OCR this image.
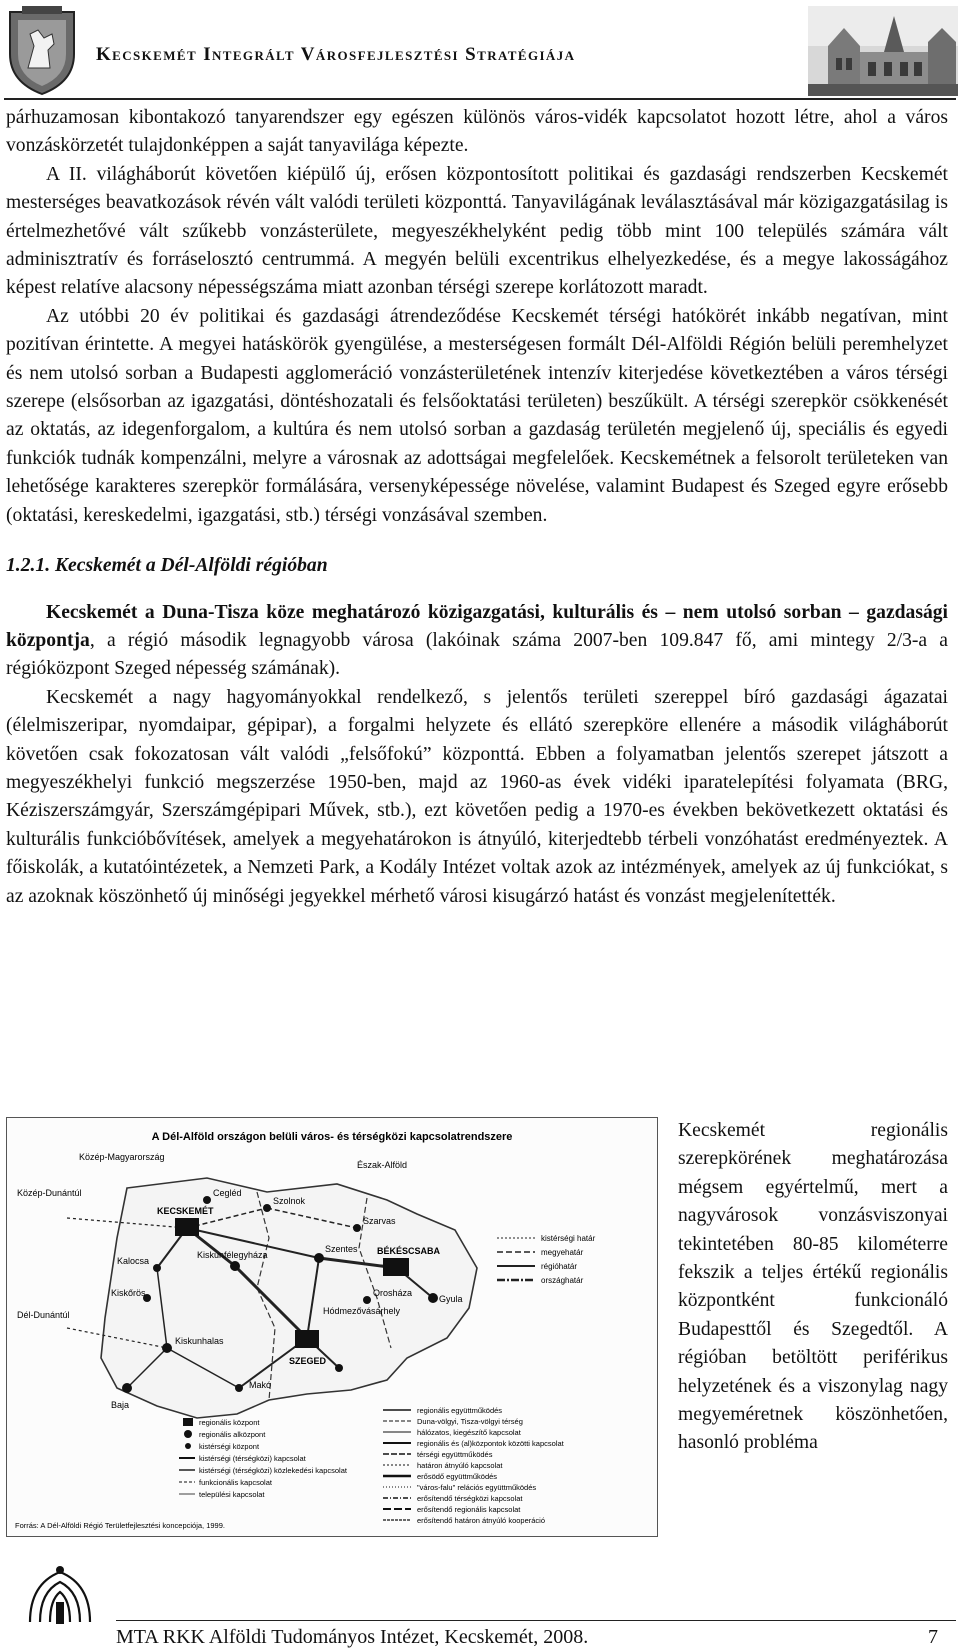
Kecskemét Integrált Városfejlesztési Stratégiája

párhuzamosan kibontakozó tanyarendszer egy egészen különös város-vidék kapcsolatot hozott létre, ahol a város vonzáskörzetét tulajdonképpen a saját tanyavilága képezte.

A II. világháborút követően kiépülő új, erősen központosított politikai és gazdasági rendszerben Kecskemét mesterséges beavatkozások révén vált valódi területi központtá. Tanyavilágának leválasztásával már közigazgatásilag is értelmezhetővé vált szűkebb vonzásterülete, megyeszékhelyként pedig több mint 100 település számára vált adminisztratív és forráselosztó centrummá. A megyén belüli excentrikus elhelyezkedése, és a megye lakosságához képest relatíve alacsony népességszáma miatt azonban térségi szerepe korlátozott maradt.

Az utóbbi 20 év politikai és gazdasági átrendeződése Kecskemét térségi hatókörét inkább negatívan, mint pozitívan érintette. A megyei hatáskörök gyengülése, a mesterségesen formált Dél-Alföldi Régión belüli peremhelyzet és nem utolsó sorban a Budapesti agglomeráció vonzásterületének intenzív kiterjedése következtében a város térségi szerepe (elsősorban az igazgatási, döntéshozatali és felsőoktatási területen) beszűkült. A térségi szerepkör csökkenését az oktatás, az idegenforgalom, a kultúra és nem utolsó sorban a gazdaság területén megjelenő új, speciális és egyedi funkciók tudnák kompenzálni, melyre a városnak az adottságai megfelelőek. Kecskemétnek a felsorolt területeken van lehetősége karakteres szerepkör formálására, versenyképessége növelése, valamint Budapest és Szeged egyre erősebb (oktatási, kereskedelmi, igazgatási, stb.) térségi vonzásával szemben.

1.2.1. Kecskemét a Dél-Alföldi régióban

Kecskemét a Duna-Tisza köze meghatározó közigazgatási, kulturális és – nem utolsó sorban – gazdasági központja, a régió második legnagyobb városa (lakóinak száma 2007-ben 109.847 fő, ami mintegy 2/3-a a régióközpont Szeged népesség számának).

Kecskemét a nagy hagyományokkal rendelkező, s jelentős területi szereppel bíró gazdasági ágazatai (élelmiszeripar, nyomdaipar, gépipar), a forgalmi helyzete és ellátó szerepköre ellenére a második világháborút követően csak fokozatosan vált valódi „felsőfokú” központtá. Ebben a folyamatban jelentős szerepet játszott a megyeszékhelyi funkció megszerzése 1950-ben, majd az 1960-as évek vidéki iparatelepítési folyamata (BRG, Kéziszerszámgyár, Szerszámgépipari Művek, stb.), ezt követően pedig a 1970-es években bekövetkezett oktatási és kulturális funkcióbővítések, amelyek a megyehatárokon is átnyúló, kiterjedtebb térbeli vonzóhatást eredményeztek. A főiskolák, a kutatóintézetek, a Nemzeti Park, a Kodály Intézet voltak azok az intézmények, amelyek az új funkciókat, s az azoknak köszönhető új minőségi jegyekkel mérhető városi kisugárzó hatást és vonzást megjelenítették.

A Dél-Alföld országon belüli város- és térségközi kapcsolatrendszere
Közép-Magyarország
Észak-Alföld
Közép-Dunántúl
Dél-Dunántúl
KECSKEMÉT
BÉKÉSCSABA
SZEGED
Kiskunfélegyháza
Kiskunhalas
Kalocsa
Kiskőrös
Szentes
Hódmezővásárhely
Orosháza
Makó
Gyula
Baja
Szarvas
Cegléd
Szolnok
kistérségi határ
megyehatár
régióhatár
országhatár
regionális központ
regionális alközpont
kistérségi központ
kistérségi (térségközi) kapcsolat
kistérségi (térségközi) közlekedési kapcsolat
funkcionális kapcsolat
települési kapcsolat
regionális együttműködés
Duna-völgyi, Tisza-völgyi térség
hálózatos, kiegészítő kapcsolat
regionális és (al)központok közötti kapcsolat
térségi együttműködés
határon átnyúló kapcsolat
erősödő együttműködés
"város-falu" relációs együttműködés
erősítendő térségközi kapcsolat
erősítendő regionális kapcsolat
erősítendő határon átnyúló kooperáció
Forrás: A Dél-Alföldi Régió Területfejlesztési koncepciója, 1999.

Kecskemét regionális szerepkörének meghatározása mégsem egyértelmű, mert a nagyvárosok vonzásviszonyai tekintetében 80-85 kilométerre fekszik a teljes értékű regionális központként funkcionáló Budapesttől és Szegedtől. A régióban betöltött periférikus helyzetének és a viszonylag nagy megyeméretnek köszönhetően, hasonló probléma

MTA RKK Alföldi Tudományos Intézet, Kecskemét, 2008.	7
